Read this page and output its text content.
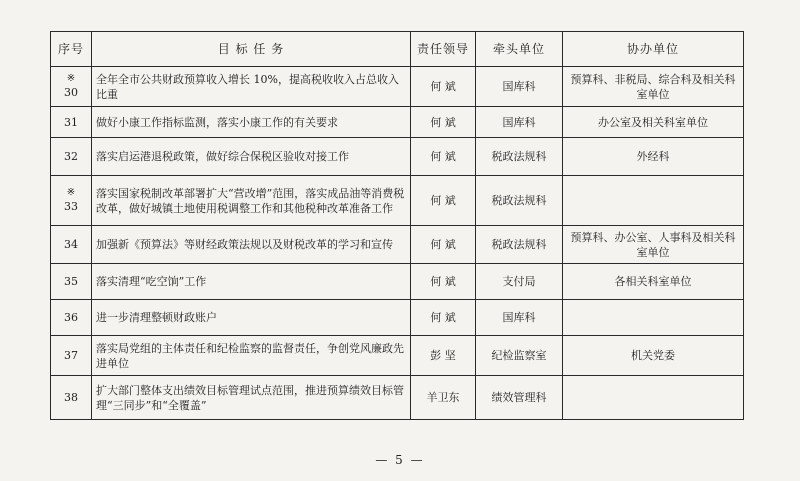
序号	目 标 任 务	责任领导	牵头单位	协办单位

※
30	全年全市公共财政预算收入增长 10%，提高税收收入占总收入比重	何 斌	国库科	预算科、非税局、综合科及相关科室单位

31	做好小康工作指标监测，落实小康工作的有关要求	何 斌	国库科	办公室及相关科室单位

32	落实启运港退税政策，做好综合保税区验收对接工作	何 斌	税政法规科	外经科

※
33	落实国家税制改革部署扩大“营改增”范围，落实成品油等消费税改革，做好城镇土地使用税调整工作和其他税种改革准备工作	何 斌	税政法规科	

34	加强新《预算法》等财经政策法规以及财税改革的学习和宣传	何 斌	税政法规科	预算科、办公室、人事科及相关科室单位

35	落实清理“吃空饷”工作	何 斌	支付局	各相关科室单位

36	进一步清理整顿财政账户	何 斌	国库科	

37	落实局党组的主体责任和纪检监察的监督责任，争创党风廉政先进单位	彭 坚	纪检监察室	机关党委

38	扩大部门整体支出绩效目标管理试点范围，推进预算绩效目标管理“三同步”和“全覆盖”	羊卫东	绩效管理科	
— 5 —
